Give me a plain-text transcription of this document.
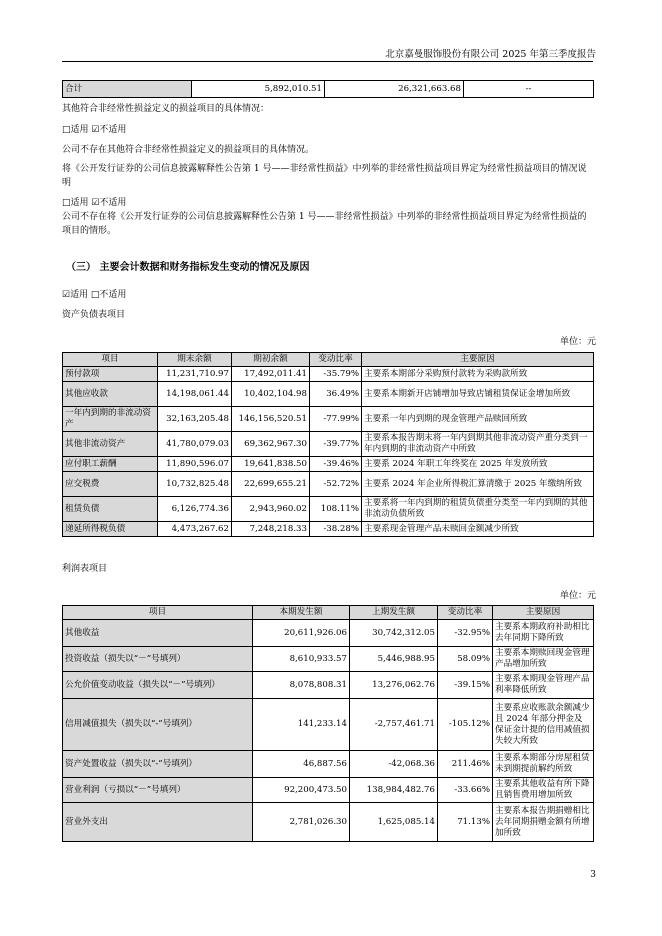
北京嘉曼服饰股份有限公司 2025 年第三季度报告
合计	5,892,010.51	26,321,663.68	--
其他符合非经常性损益定义的损益项目的具体情况：
□适用 ☑不适用
公司不存在其他符合非经常性损益定义的损益项目的具体情况。
将《公开发行证券的公司信息披露解释性公告第 1 号——非经常性损益》中列举的非经常性损益项目界定为经常性损益项目的情况说明
□适用 ☑不适用
公司不存在将《公开发行证券的公司信息披露解释性公告第 1 号——非经常性损益》中列举的非经常性损益项目界定为经常性损益的项目的情形。
（三） 主要会计数据和财务指标发生变动的情况及原因
☑适用 □不适用
资产负债表项目
单位：元
项目	期末余额	期初余额	变动比率	主要原因
预付款项	11,231,710.97	17,492,011.41	-35.79%	主要系本期部分采购预付款转为采购款所致
其他应收款	14,198,061.44	10,402,104.98	36.49%	主要系本期新开店铺增加导致店铺租赁保证金增加所致
一年内到期的非流动资产	32,163,205.48	146,156,520.51	-77.99%	主要系一年内到期的现金管理产品赎回所致
其他非流动资产	41,780,079.03	69,362,967.30	-39.77%	主要系本报告期末将一年内到期其他非流动资产重分类到一年内到期的非流动资产中所致
应付职工薪酬	11,890,596.07	19,641,838.50	-39.46%	主要系 2024 年职工年终奖在 2025 年发放所致
应交税费	10,732,825.48	22,699,655.21	-52.72%	主要系 2024 年企业所得税汇算清缴于 2025 年缴纳所致
租赁负债	6,126,774.36	2,943,960.02	108.11%	主要系将一年内到期的租赁负债重分类至一年内到期的其他非流动负债所致
递延所得税负债	4,473,267.62	7,248,218.33	-38.28%	主要系现金管理产品未赎回金额减少所致
利润表项目
单位：元
项目	本期发生额	上期发生额	变动比率	主要原因
其他收益	20,611,926.06	30,742,312.05	-32.95%	主要系本期政府补助相比去年同期下降所致
投资收益（损失以“－”号填列）	8,610,933.57	5,446,988.95	58.09%	主要系本期赎回现金管理产品增加所致
公允价值变动收益（损失以“－”号填列）	8,078,808.31	13,276,062.76	-39.15%	主要系本期现金管理产品利率降低所致
信用减值损失（损失以“-”号填列）	141,233.14	-2,757,461.71	-105.12%	主要系应收账款余额减少且 2024 年部分押金及保证金计提的信用减值损失较大所致
资产处置收益（损失以“-”号填列）	46,887.56	-42,068.36	211.46%	主要系本期部分房屋租赁未到期提前解约所致
营业利润（亏损以“－”号填列）	92,200,473.50	138,984,482.76	-33.66%	主要系其他收益有所下降且销售费用增加所致
营业外支出	2,781,026.30	1,625,085.14	71.13%	主要系本报告期捐赠相比去年同期捐赠金额有所增加所致
3
